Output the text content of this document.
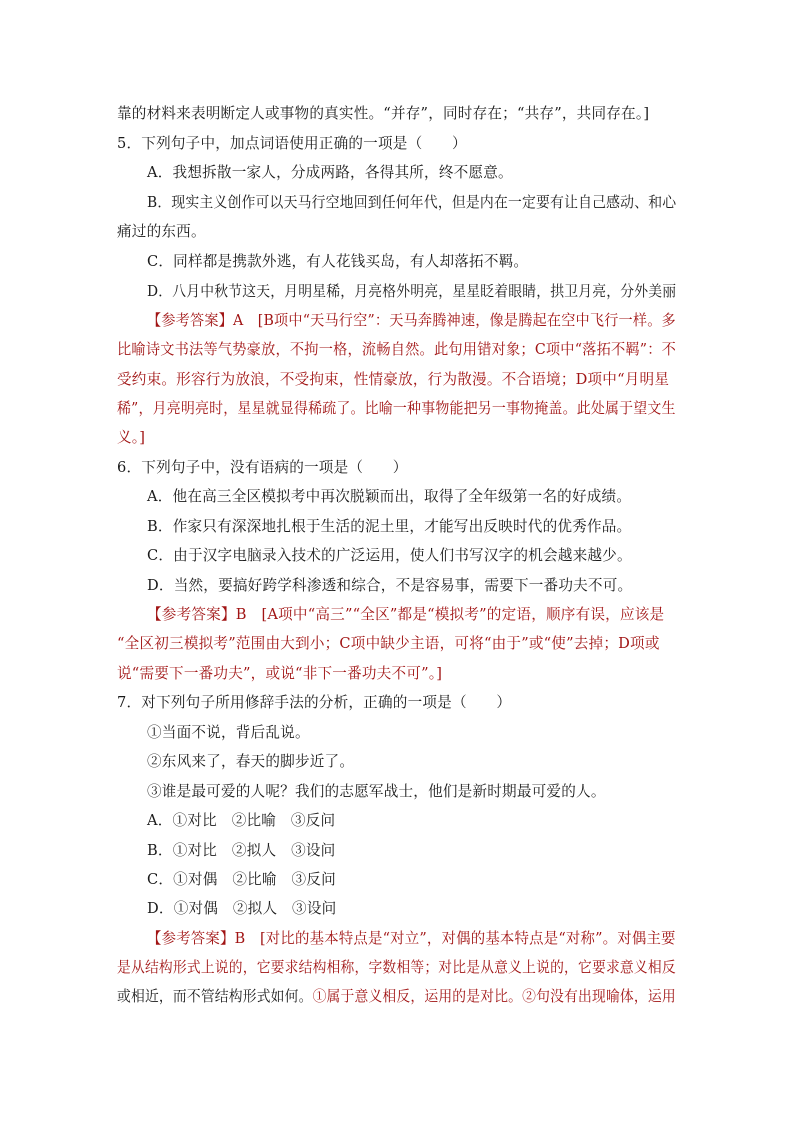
靠的材料来表明断定人或事物的真实性。“并存”，同时存在；“共存”，共同存在。]
5．下列句子中，加点词语使用正确的一项是（　　）
A．我想拆散一家人，分成两路，各得其所，终不愿意。
B．现实主义创作可以天马行空地回到任何年代，但是内在一定要有让自己感动、和心
痛过的东西。
C．同样都是携款外逃，有人花钱买岛，有人却落拓不羁。
D．八月中秋节这天，月明星稀，月亮格外明亮，星星眨着眼睛，拱卫月亮，分外美丽
【参考答案】A　[B项中“天马行空”：天马奔腾神速，像是腾起在空中飞行一样。多
比喻诗文书法等气势豪放，不拘一格，流畅自然。此句用错对象；C项中“落拓不羁”：不
受约束。形容行为放浪，不受拘束，性情豪放，行为散漫。不合语境；D项中“月明星
稀”，月亮明亮时，星星就显得稀疏了。比喻一种事物能把另一事物掩盖。此处属于望文生
义。]
6．下列句子中，没有语病的一项是（　　）
A．他在高三全区模拟考中再次脱颖而出，取得了全年级第一名的好成绩。
B．作家只有深深地扎根于生活的泥土里，才能写出反映时代的优秀作品。
C．由于汉字电脑录入技术的广泛运用，使人们书写汉字的机会越来越少。
D．当然，要搞好跨学科渗透和综合，不是容易事，需要下一番功夫不可。
【参考答案】B　[A项中“高三”“全区”都是“模拟考”的定语，顺序有误，应该是
“全区初三模拟考”范围由大到小；C项中缺少主语，可将“由于”或“使”去掉；D项或
说“需要下一番功夫”，或说“非下一番功夫不可”。]
7．对下列句子所用修辞手法的分析，正确的一项是（　　）
①当面不说，背后乱说。
②东风来了，春天的脚步近了。
③谁是最可爱的人呢？我们的志愿军战士，他们是新时期最可爱的人。
A．①对比　②比喻　③反问
B．①对比　②拟人　③设问
C．①对偶　②比喻　③反问
D．①对偶　②拟人　③设问
【参考答案】B　[对比的基本特点是“对立”，对偶的基本特点是“对称”。对偶主要
是从结构形式上说的，它要求结构相称，字数相等；对比是从意义上说的，它要求意义相反
或相近，而不管结构形式如何。①属于意义相反，运用的是对比。②句没有出现喻体，运用
